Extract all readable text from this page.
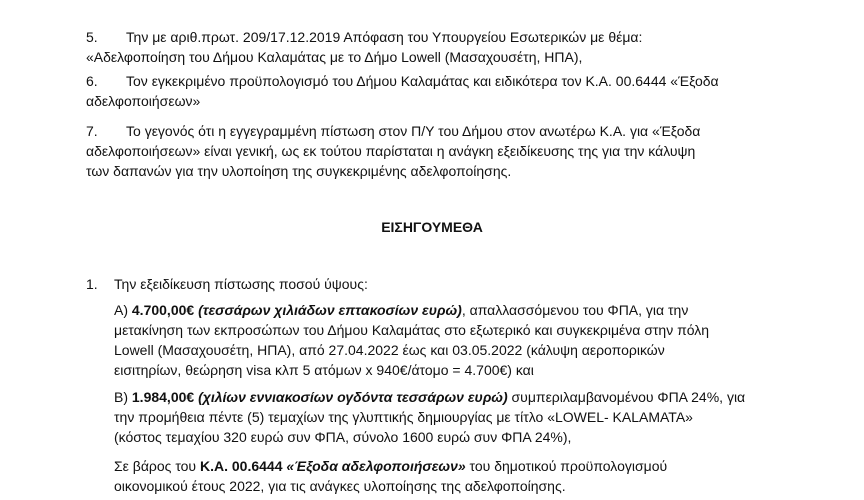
5. Την με αριθ.πρωτ. 209/17.12.2019 Απόφαση του Υπουργείου Εσωτερικών με θέμα:
«Αδελφοποίηση του Δήμου Καλαμάτας με το Δήμο Lowell (Μασαχουσέτη, ΗΠΑ),
6. Τον εγκεκριμένο προϋπολογισμό του Δήμου Καλαμάτας και ειδικότερα τον Κ.Α. 00.6444 «Έξοδα
αδελφοποιήσεων»
7. Το γεγονός ότι η εγγεγραμμένη πίστωση στον Π/Υ του Δήμου στον ανωτέρω Κ.Α. για «Έξοδα
αδελφοποιήσεων» είναι γενική, ως εκ τούτου παρίσταται η ανάγκη εξειδίκευσης της για την κάλυψη
των δαπανών για την υλοποίηση της συγκεκριμένης αδελφοποίησης.
ΕΙΣΗΓΟΥΜΕΘΑ
1. Την εξειδίκευση πίστωσης ποσού ύψους:
Α) 4.700,00€ (τεσσάρων χιλιάδων επτακοσίων ευρώ), απαλλασσόμενου του ΦΠΑ, για την
μετακίνηση των εκπροσώπων του Δήμου Καλαμάτας στο εξωτερικό και συγκεκριμένα στην πόλη
Lowell (Μασαχουσέτη, ΗΠΑ), από 27.04.2022 έως και 03.05.2022 (κάλυψη αεροπορικών
εισιτηρίων, θεώρηση visa κλπ 5 ατόμων x 940€/άτομο = 4.700€) και
Β) 1.984,00€ (χιλίων εννιακοσίων ογδόντα τεσσάρων ευρώ) συμπεριλαμβανομένου ΦΠΑ 24%, για
την προμήθεια πέντε (5) τεμαχίων της γλυπτικής δημιουργίας με τίτλο «LOWEL- KALAMATA»
(κόστος τεμαχίου 320 ευρώ συν ΦΠΑ, σύνολο 1600 ευρώ συν ΦΠΑ 24%),
Σε βάρος του Κ.Α. 00.6444 «Έξοδα αδελφοποιήσεων» του δημοτικού προϋπολογισμού
οικονομικού έτους 2022, για τις ανάγκες υλοποίησης της αδελφοποίησης.
